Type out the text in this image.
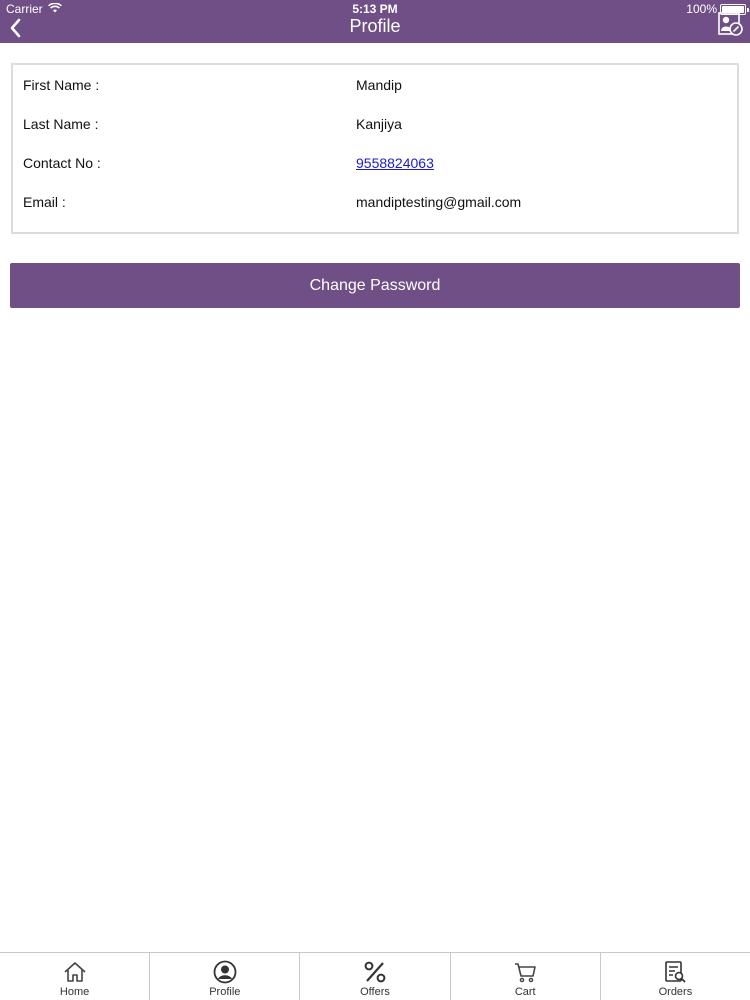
Carrier	5:13 PM	100%
Profile
First Name :	Mandip
Last Name :	Kanjiya
Contact No :	9558824063
Email :	mandiptesting@gmail.com
Change Password
Home	Profile	Offers	Cart	Orders
